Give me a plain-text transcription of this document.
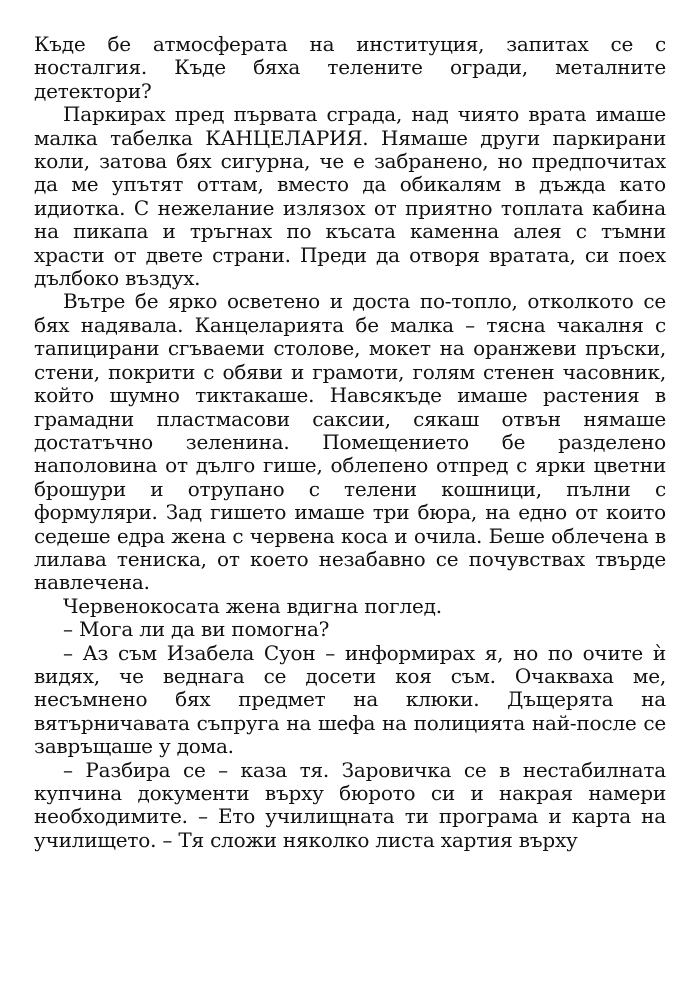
Къде бе атмосферата на институция, запитах се с носталгия. Къде бяха телените огради, металните детектори?

Паркирах пред първата сграда, над чиято врата имаше малка табелка КАНЦЕЛАРИЯ. Нямаше други паркирани коли, затова бях сигурна, че е забранено, но предпочитах да ме упътят оттам, вместо да обикалям в дъжда като идиотка. С нежелание излязох от приятно топлата кабина на пикапа и тръгнах по късата каменна алея с тъмни храсти от двете страни. Преди да отворя вратата, си поех дълбоко въздух.

Вътре бе ярко осветено и доста по-топло, отколкото се бях надявала. Канцеларията бе малка – тясна чакалня с тапицирани сгъваеми столове, мокет на оранжеви пръски, стени, покрити с обяви и грамоти, голям стенен часовник, който шумно тиктакаше. Навсякъде имаше растения в грамадни пластмасови саксии, сякаш отвън нямаше достатъчно зеленина. Помещението бе разделено наполовина от дълго гише, облепено отпред с ярки цветни брошури и отрупано с телени кошници, пълни с формуляри. Зад гишето имаше три бюра, на едно от които седеше едра жена с червена коса и очила. Беше облечена в лилава тениска, от което незабавно се почувствах твърде навлечена.

Червенокосата жена вдигна поглед.

– Мога ли да ви помогна?

– Аз съм Изабела Суон – информирах я, но по очите ѝ видях, че веднага се досети коя съм. Очакваха ме, несъмнено бях предмет на клюки. Дъщерята на вятърничавата съпруга на шефа на полицията най-после се завръщаше у дома.

– Разбира се – каза тя. Заровичка се в нестабилната купчина документи върху бюрото си и накрая намери необходимите. – Ето училищната ти програма и карта на училището. – Тя сложи няколко листа хартия върху
